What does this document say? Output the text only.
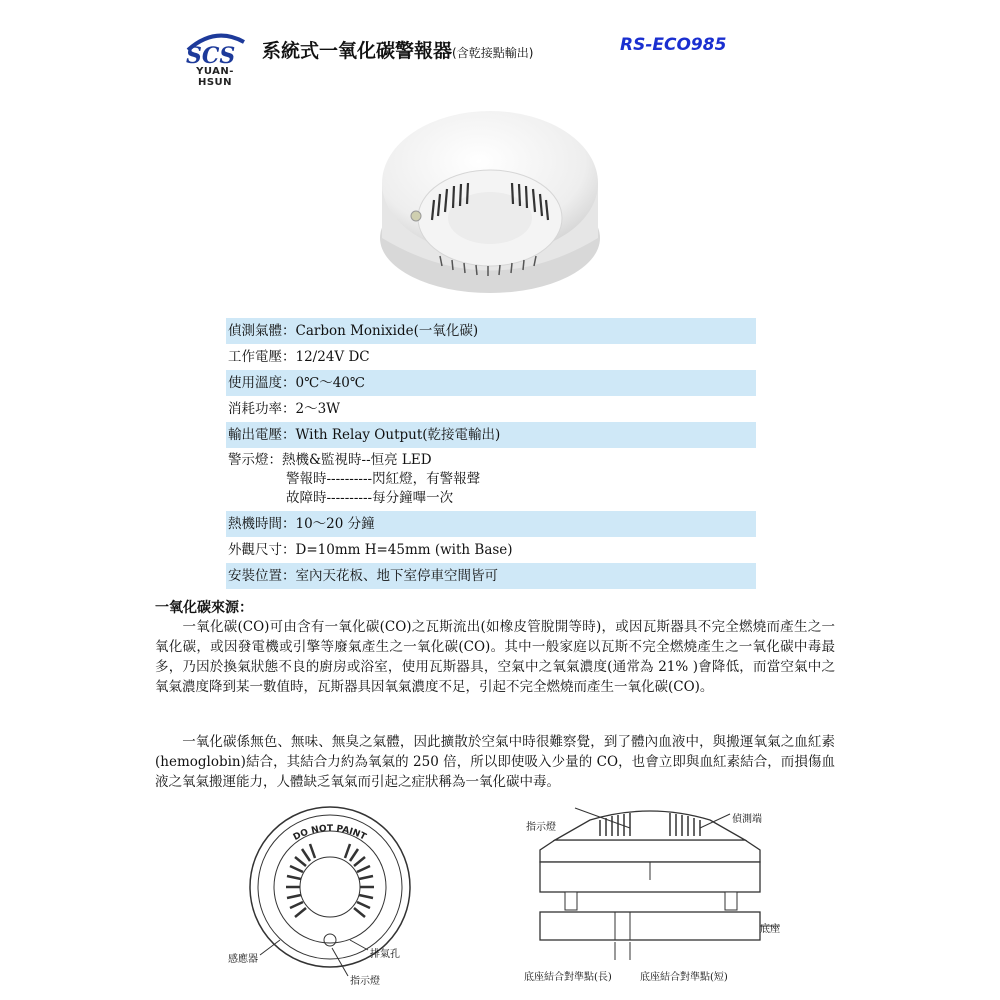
SCS
YUAN-HSUN
系統式一氧化碳警報器(含乾接點輸出)	RS-ECO985
偵測氣體：Carbon Monixide(一氧化碳)
工作電壓：12/24V DC
使用溫度：0℃～40℃
消耗功率：2～3W
輸出電壓：With Relay Output(乾接電輸出)
警示燈：熱機&監視時--恒亮 LED
警報時----------閃紅燈，有警報聲
故障時----------每分鐘嗶一次
熱機時間：10～20 分鐘
外觀尺寸：D=10mm H=45mm (with Base)
安裝位置：室內天花板、地下室停車空間皆可
一氧化碳來源：
　　一氧化碳(CO)可由含有一氧化碳(CO)之瓦斯流出(如橡皮管脫開等時)，或因瓦斯器具不完全燃燒而產生之一氧化碳，或因發電機或引擎等廢氣產生之一氧化碳(CO)。其中一般家庭以瓦斯不完全燃燒產生之一氧化碳中毒最多，乃因於換氣狀態不良的廚房或浴室，使用瓦斯器具，空氣中之氧氣濃度(通常為 21% )會降低，而當空氣中之氧氣濃度降到某一數值時，瓦斯器具因氧氣濃度不足，引起不完全燃燒而產生一氧化碳(CO)。
　　一氧化碳係無色、無味、無臭之氣體，因此擴散於空氣中時很難察覺，到了體內血液中，與搬運氧氣之血紅素(hemoglobin)結合，其結合力約為氧氣的 250 倍，所以即使吸入少量的 CO，也會立即與血紅素結合，而損傷血液之氧氣搬運能力，人體缺乏氧氣而引起之症狀稱為一氧化碳中毒。
DO NOT PAINT
感應器	排氣孔
指示燈
指示燈
偵測端
底座
底座結合對準點(長)	底座結合對準點(短)
